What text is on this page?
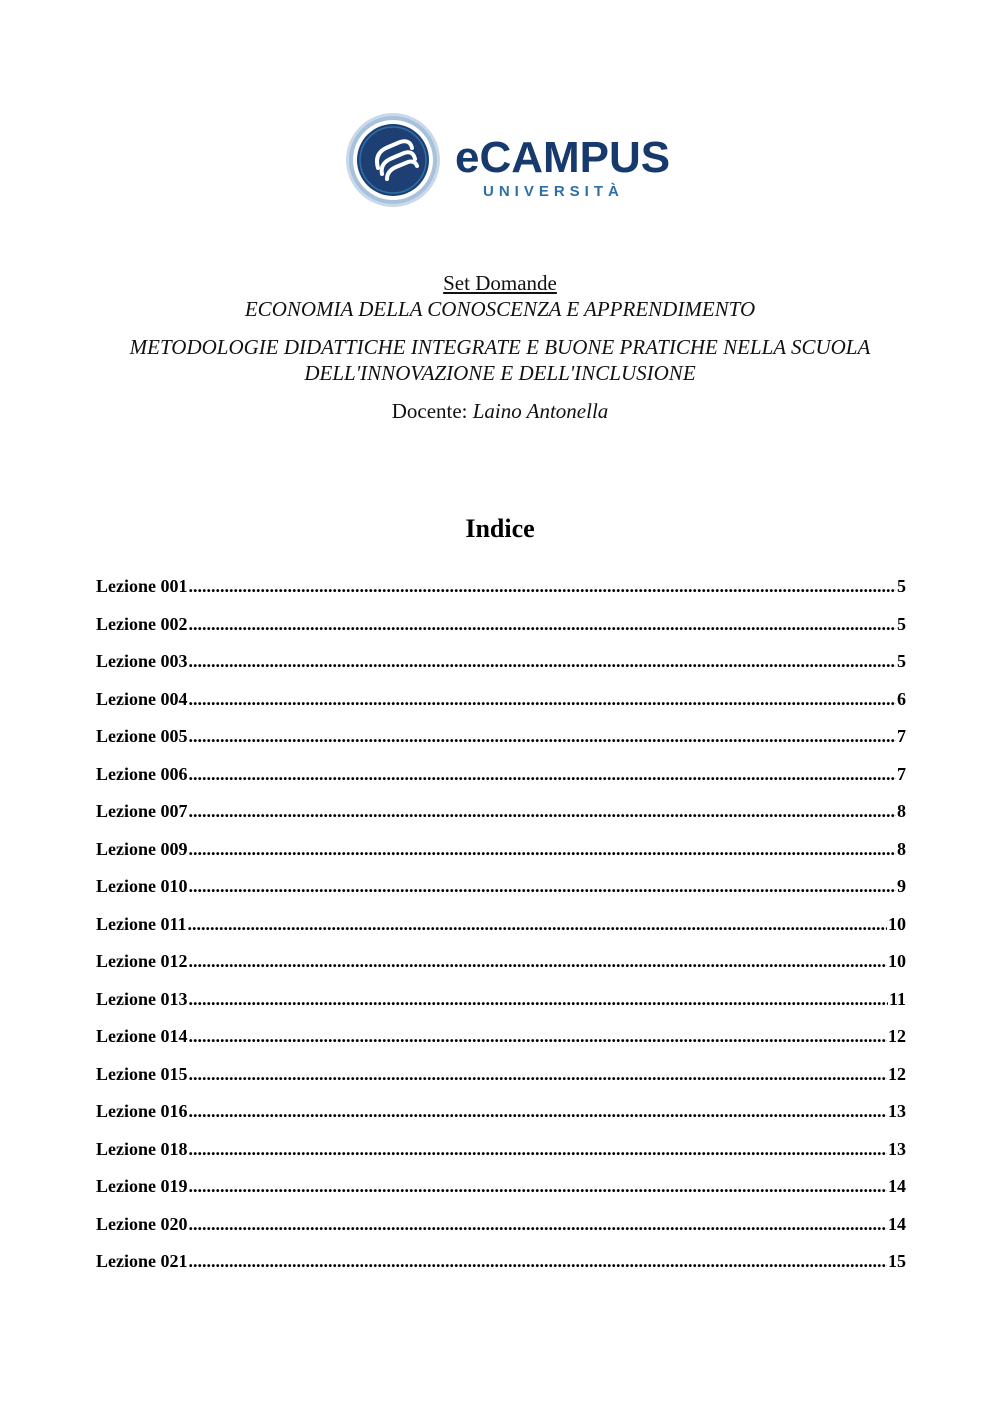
eCAMPUS
UNIVERSITÀ
Set Domande
ECONOMIA DELLA CONOSCENZA E APPRENDIMENTO
METODOLOGIE DIDATTICHE INTEGRATE E BUONE PRATICHE NELLA SCUOLA DELL'INNOVAZIONE E DELL'INCLUSIONE
Docente: Laino Antonella
Indice
Lezione 001 .....	5
Lezione 002 .....	5
Lezione 003 .....	5
Lezione 004 .....	6
Lezione 005 .....	7
Lezione 006 .....	7
Lezione 007 .....	8
Lezione 009 .....	8
Lezione 010 .....	9
Lezione 011 .....	10
Lezione 012 .....	10
Lezione 013 .....	11
Lezione 014 .....	12
Lezione 015 .....	12
Lezione 016 .....	13
Lezione 018 .....	13
Lezione 019 .....	14
Lezione 020 .....	14
Lezione 021 .....	15
